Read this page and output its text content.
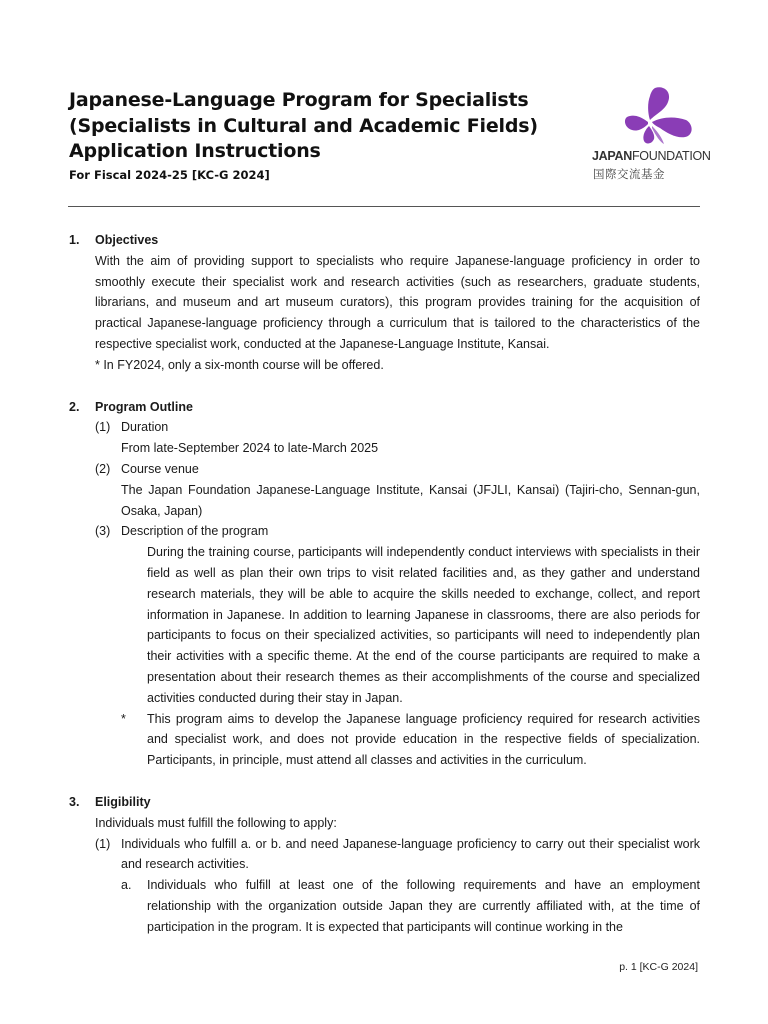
Japanese-Language Program for Specialists
(Specialists in Cultural and Academic Fields)
Application Instructions
For Fiscal 2024-25 [KC-G 2024]
JAPANFOUNDATION
国際交流基金
1.	Objectives
With the aim of providing support to specialists who require Japanese-language proficiency in order to smoothly execute their specialist work and research activities (such as researchers, graduate students, librarians, and museum and art museum curators), this program provides training for the acquisition of practical Japanese-language proficiency through a curriculum that is tailored to the characteristics of the respective specialist work, conducted at the Japanese-Language Institute, Kansai.
* In FY2024, only a six-month course will be offered.
2.	Program Outline
(1) Duration
From late-September 2024 to late-March 2025
(2) Course venue
The Japan Foundation Japanese-Language Institute, Kansai (JFJLI, Kansai) (Tajiri-cho, Sennan-gun, Osaka, Japan)
(3) Description of the program
During the training course, participants will independently conduct interviews with specialists in their field as well as plan their own trips to visit related facilities and, as they gather and understand research materials, they will be able to acquire the skills needed to exchange, collect, and report information in Japanese. In addition to learning Japanese in classrooms, there are also periods for participants to focus on their specialized activities, so participants will need to independently plan their activities with a specific theme. At the end of the course participants are required to make a presentation about their research themes as their accomplishments of the course and specialized activities conducted during their stay in Japan.
*	This program aims to develop the Japanese language proficiency required for research activities and specialist work, and does not provide education in the respective fields of specialization. Participants, in principle, must attend all classes and activities in the curriculum.
3.	Eligibility
Individuals must fulfill the following to apply:
(1) Individuals who fulfill a. or b. and need Japanese-language proficiency to carry out their specialist work and research activities.
a.	Individuals who fulfill at least one of the following requirements and have an employment relationship with the organization outside Japan they are currently affiliated with, at the time of participation in the program. It is expected that participants will continue working in the
p. 1 [KC-G 2024]
